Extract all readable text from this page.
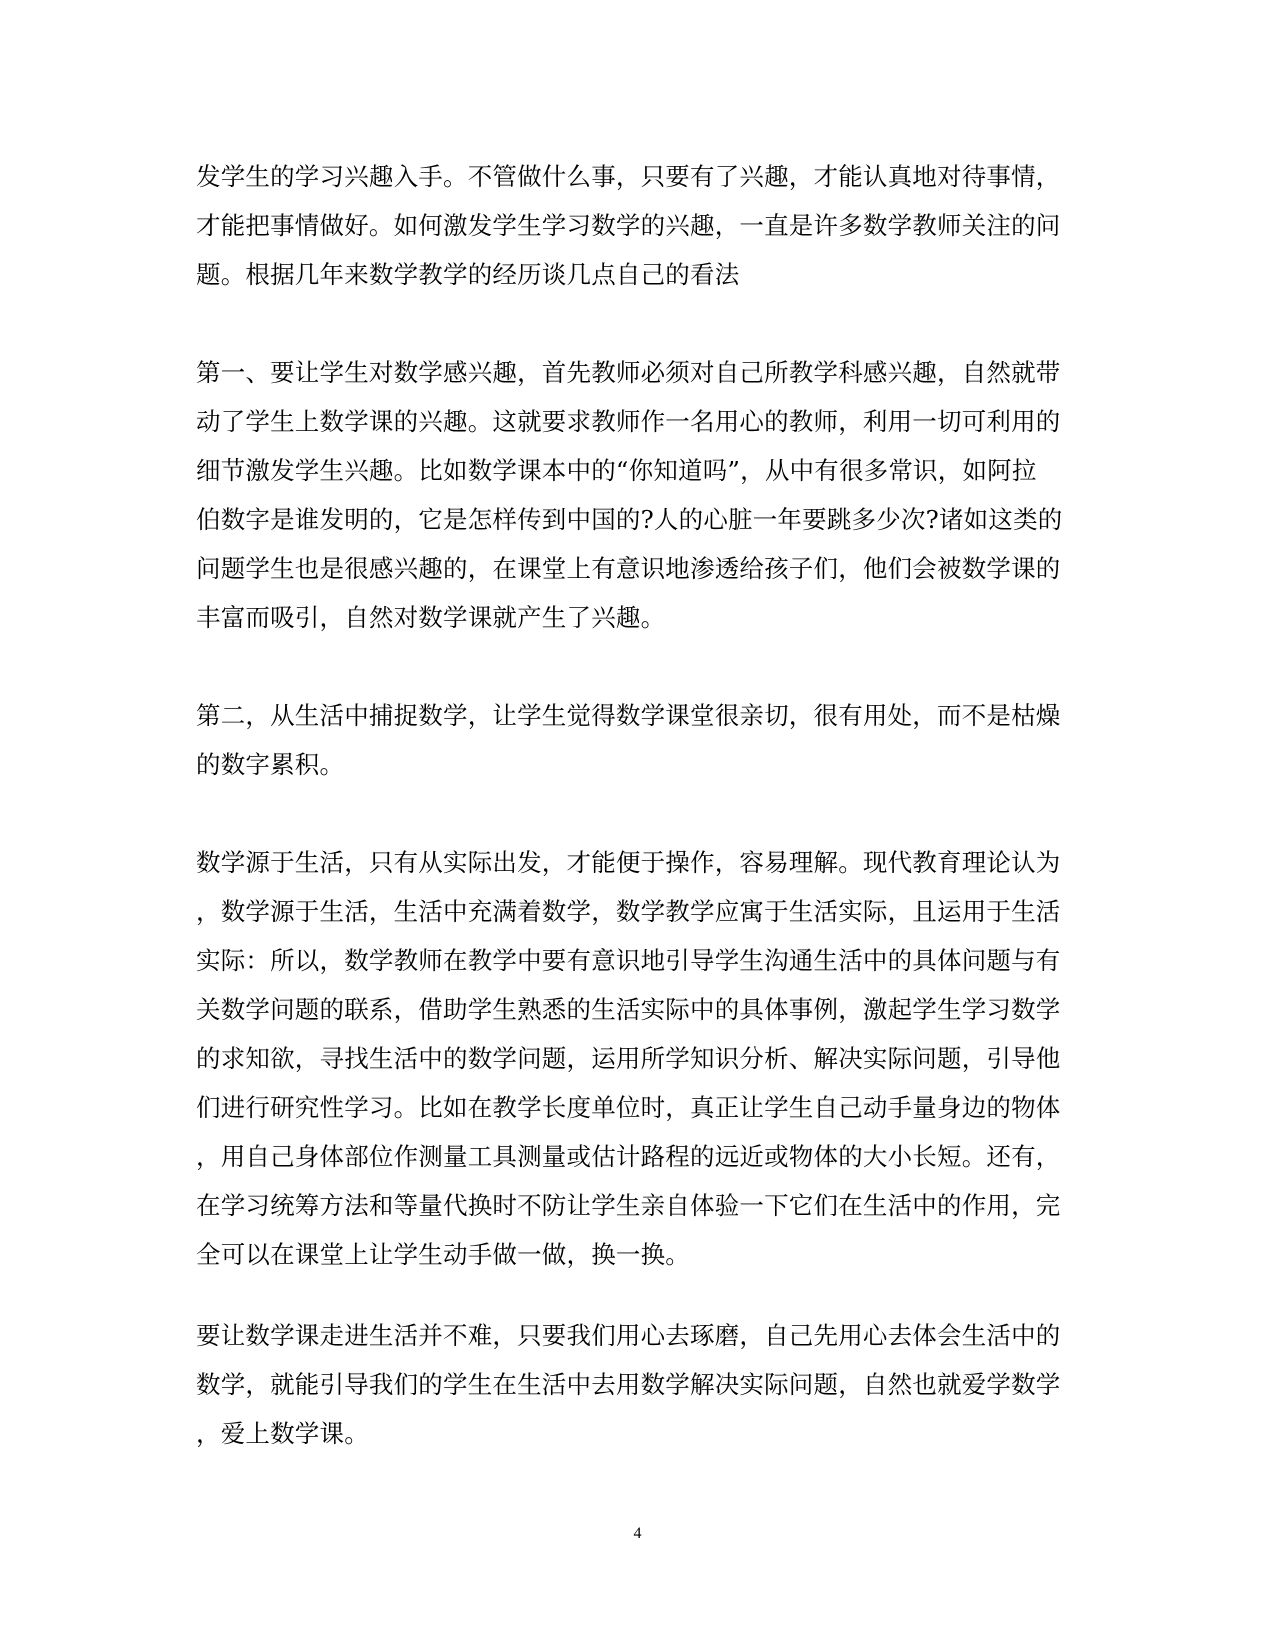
发学生的学习兴趣入手。不管做什么事，只要有了兴趣，才能认真地对待事情，
才能把事情做好。如何激发学生学习数学的兴趣，一直是许多数学教师关注的问
题。根据几年来数学教学的经历谈几点自己的看法
第一、要让学生对数学感兴趣，首先教师必须对自己所教学科感兴趣，自然就带
动了学生上数学课的兴趣。这就要求教师作一名用心的教师，利用一切可利用的
细节激发学生兴趣。比如数学课本中的“你知道吗”，从中有很多常识，如阿拉
伯数字是谁发明的，它是怎样传到中国的?人的心脏一年要跳多少次?诸如这类的
问题学生也是很感兴趣的，在课堂上有意识地渗透给孩子们，他们会被数学课的
丰富而吸引，自然对数学课就产生了兴趣。
第二，从生活中捕捉数学，让学生觉得数学课堂很亲切，很有用处，而不是枯燥
的数字累积。
数学源于生活，只有从实际出发，才能便于操作，容易理解。现代教育理论认为
，数学源于生活，生活中充满着数学，数学教学应寓于生活实际，且运用于生活
实际：所以，数学教师在教学中要有意识地引导学生沟通生活中的具体问题与有
关数学问题的联系，借助学生熟悉的生活实际中的具体事例，激起学生学习数学
的求知欲，寻找生活中的数学问题，运用所学知识分析、解决实际问题，引导他
们进行研究性学习。比如在教学长度单位时，真正让学生自己动手量身边的物体
，用自己身体部位作测量工具测量或估计路程的远近或物体的大小长短。还有，
在学习统筹方法和等量代换时不防让学生亲自体验一下它们在生活中的作用，完
全可以在课堂上让学生动手做一做，换一换。
要让数学课走进生活并不难，只要我们用心去琢磨，自己先用心去体会生活中的
数学，就能引导我们的学生在生活中去用数学解决实际问题，自然也就爱学数学
，爱上数学课。
4
